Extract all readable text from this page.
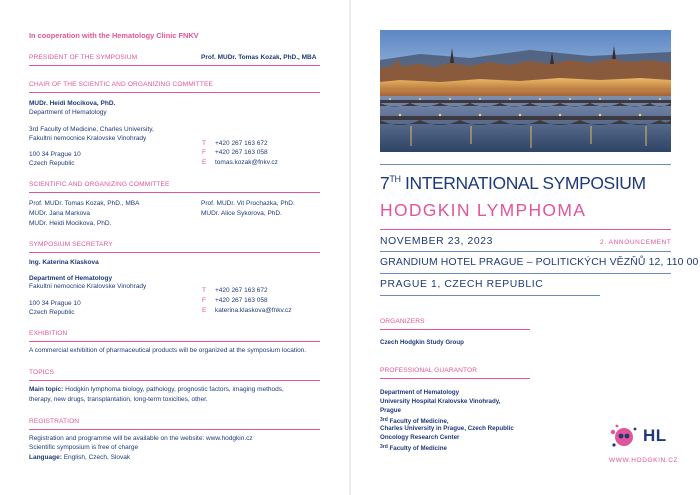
In cooperation with the Hematology Clinic FNKV
PRESIDENT OF THE SYMPOSIUM	Prof. MUDr. Tomas Kozak, PhD., MBA
CHAIR OF THE SCIENTIC AND ORGANIZING COMMITTEE
MUDr. Heidi Mocikova, PhD.
Department of Hematology
3rd Faculty of Medicine, Charles University,
Fakultni nemocnice Kralovske Vinohrady
100 34 Prague 10
Czech Republic
T +420 267 163 672
F +420 267 163 058
E tomas.kozak@fnkv.cz
SCIENTIFIC AND ORGANIZING COMMITTEE
Prof. MUDr. Tomas Kozak, PhD., MBA
MUDr. Jana Markova
MUDr. Heidi Mocikova, PhD.
Prof. MUDr. Vit Prochazka, PhD.
MUDr. Alice Sykorova, PhD.
SYMPOSIUM SECRETARY
Ing. Katerina Klaskova
Department of Hematology
Fakultni nemocnice Kralovske Vinohrady
100 34 Prague 10
Czech Republic
T +420 267 163 672
F +420 267 163 058
E katerina.klaskova@fnkv.cz
EXHIBITION
A commercial exhibition of pharmaceutical products will be organized at the symposium location.
TOPICS
Main topic: Hodgkin lymphoma biology, pathology, prognostic factors, imaging methods,
therapy, new drugs, transplantation, long-term toxicities, other.
REGISTRATION
Registration and programme will be available on the website: www.hodgkin.cz
Scientific symposium is free of charge
Language: English, Czech, Slovak
7TH INTERNATIONAL SYMPOSIUM
HODGKIN LYMPHOMA
NOVEMBER 23, 2023	2. ANNOUNCEMENT
GRANDIUM HOTEL PRAGUE – POLITICKÝCH VĚZŇŮ 12, 110 00
PRAGUE 1, CZECH REPUBLIC
ORGANIZERS
Czech Hodgkin Study Group
PROFESSIONAL GUARANTOR
Department of Hematology
University Hospital Kralovske Vinohrady,
Prague
$^{3rd}$ Faculty of Medicine,
Charles University in Prague, Czech Republic
Oncology Research Center
$^{3rd}$ Faculty of Medicine
HL
WWW.HODGKIN.CZ
